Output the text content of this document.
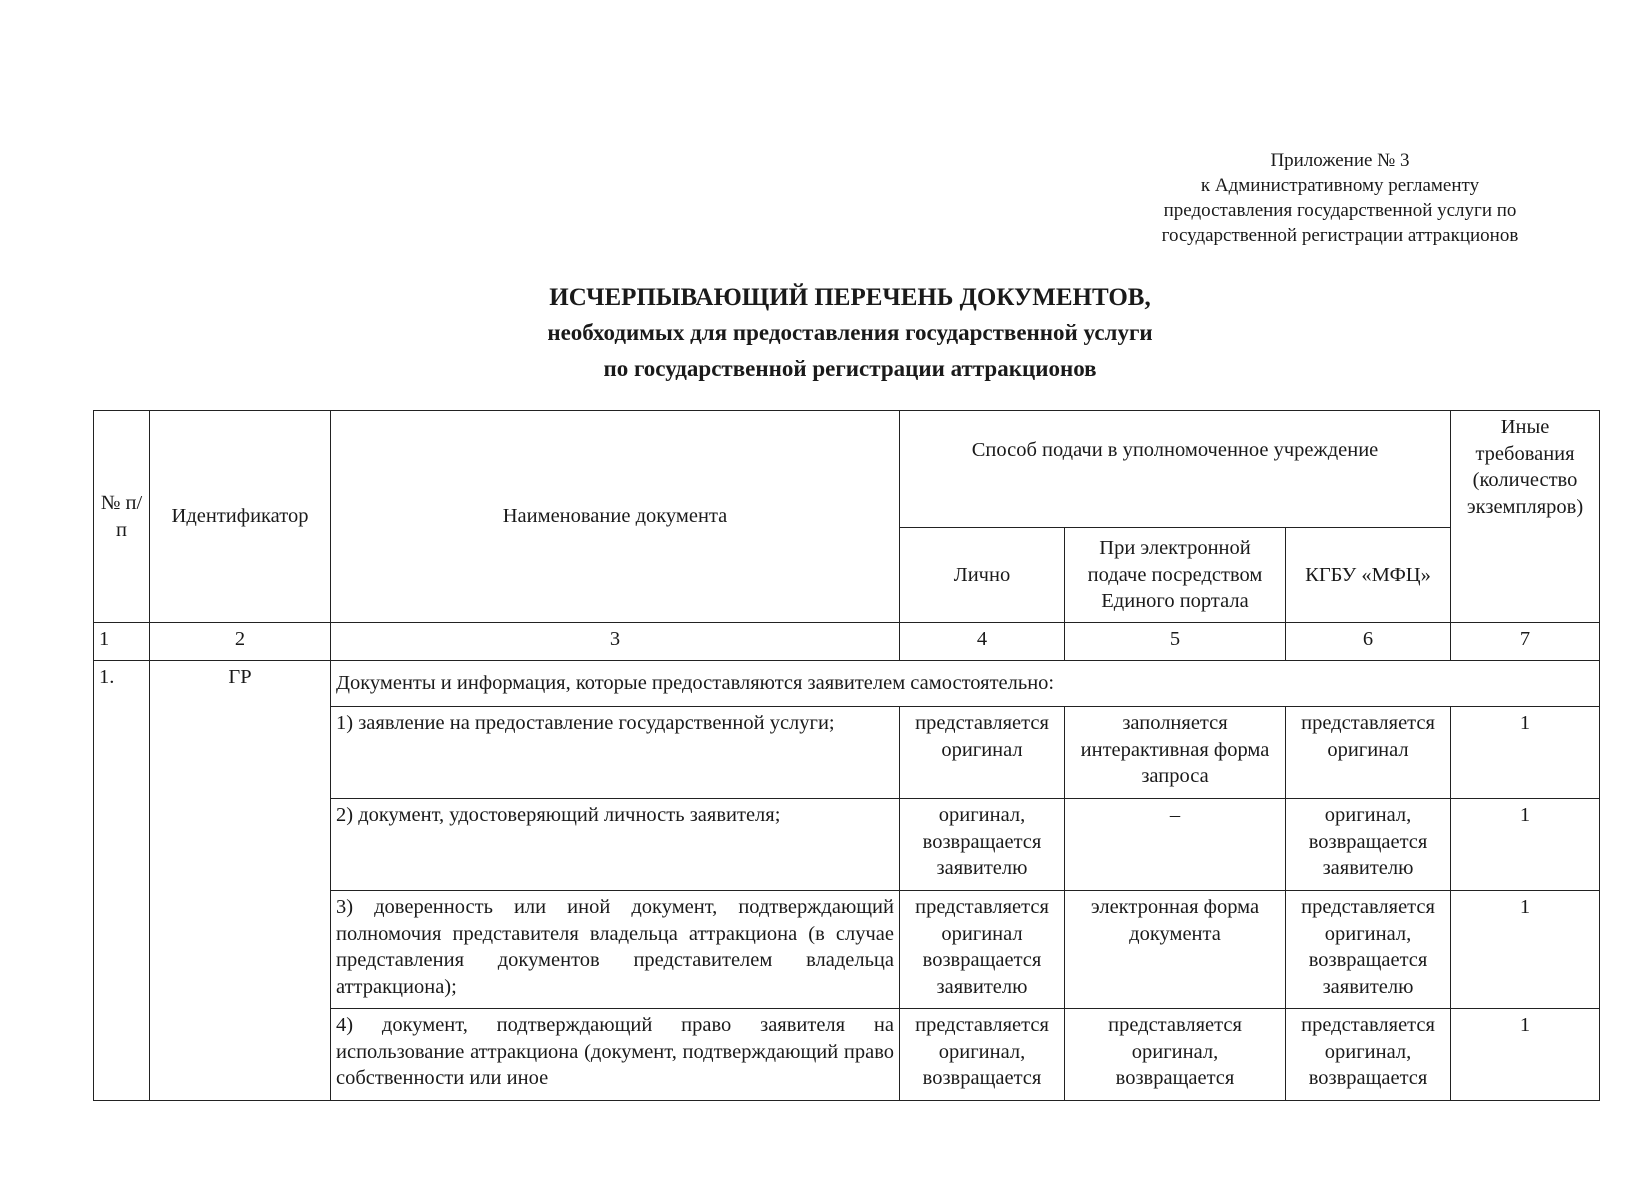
Приложение № 3
к Административному регламенту
предоставления государственной услуги по
государственной регистрации аттракционов
ИСЧЕРПЫВАЮЩИЙ ПЕРЕЧЕНЬ ДОКУМЕНТОВ,
необходимых для предоставления государственной услуги
по государственной регистрации аттракционов
№ п/п	Идентификатор	Наименование документа	Способ подачи в уполномоченное учреждение			Иные требования (количество экземпляров)
			Лично	При электронной подаче посредством Единого портала	КГБУ «МФЦ»	
1	2	3	4	5	6	7
1.	ГР	Документы и информация, которые предоставляются заявителем самостоятельно:				
		1) заявление на предоставление государственной услуги;	представляется оригинал	заполняется интерактивная форма запроса	представляется оригинал	1
		2) документ, удостоверяющий личность заявителя;	оригинал, возвращается заявителю	–	оригинал, возвращается заявителю	1
		3) доверенность или иной документ, подтверждающий полномочия представителя владельца аттракциона (в случае представления документов представителем владельца аттракциона);	представляется оригинал возвращается заявителю	электронная форма документа	представляется оригинал, возвращается заявителю	1
		4) документ, подтверждающий право заявителя на использование аттракциона (документ, подтверждающий право собственности или иное	представляется оригинал, возвращается	представляется оригинал, возвращается	представляется оригинал, возвращается	1
